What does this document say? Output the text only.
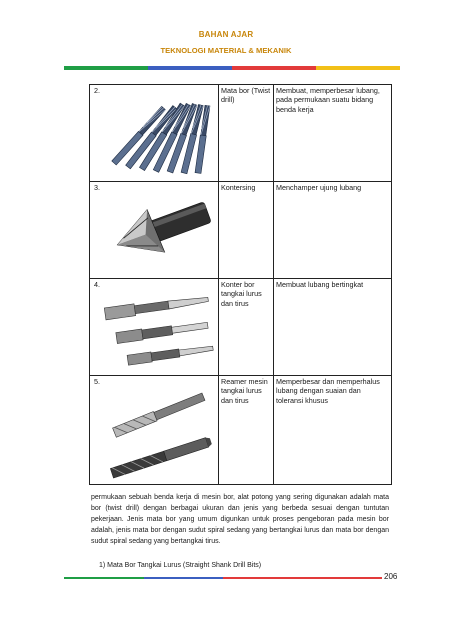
BAHAN AJAR
TEKNOLOGI MATERIAL & MEKANIK
2.	Mata bor (Twist drill)	Membuat, memperbesar lubang, pada permukaan suatu bidang benda kerja
3.	Kontersing	Menchamper ujung lubang
4.	Konter bor tangkai lurus dan tirus	Membuat lubang bertingkat
5.	Reamer mesin tangkai lurus dan tirus	Memperbesar dan memperhalus lubang dengan suaian dan toleransi khusus
permukaan sebuah benda kerja di mesin bor, alat potong yang sering digunakan adalah mata bor (twist drill) dengan berbagai ukuran dan jenis yang berbeda sesuai dengan tuntutan pekerjaan. Jenis mata bor yang umum digunkan untuk proses pengeboran pada mesin bor adalah, jenis mata bor dengan sudut spiral sedang yang bertangkai lurus dan mata bor dengan sudut spiral sedang yang bertangkai tirus.
1) Mata Bor Tangkai Lurus (Straight Shank Drill Bits)
206
